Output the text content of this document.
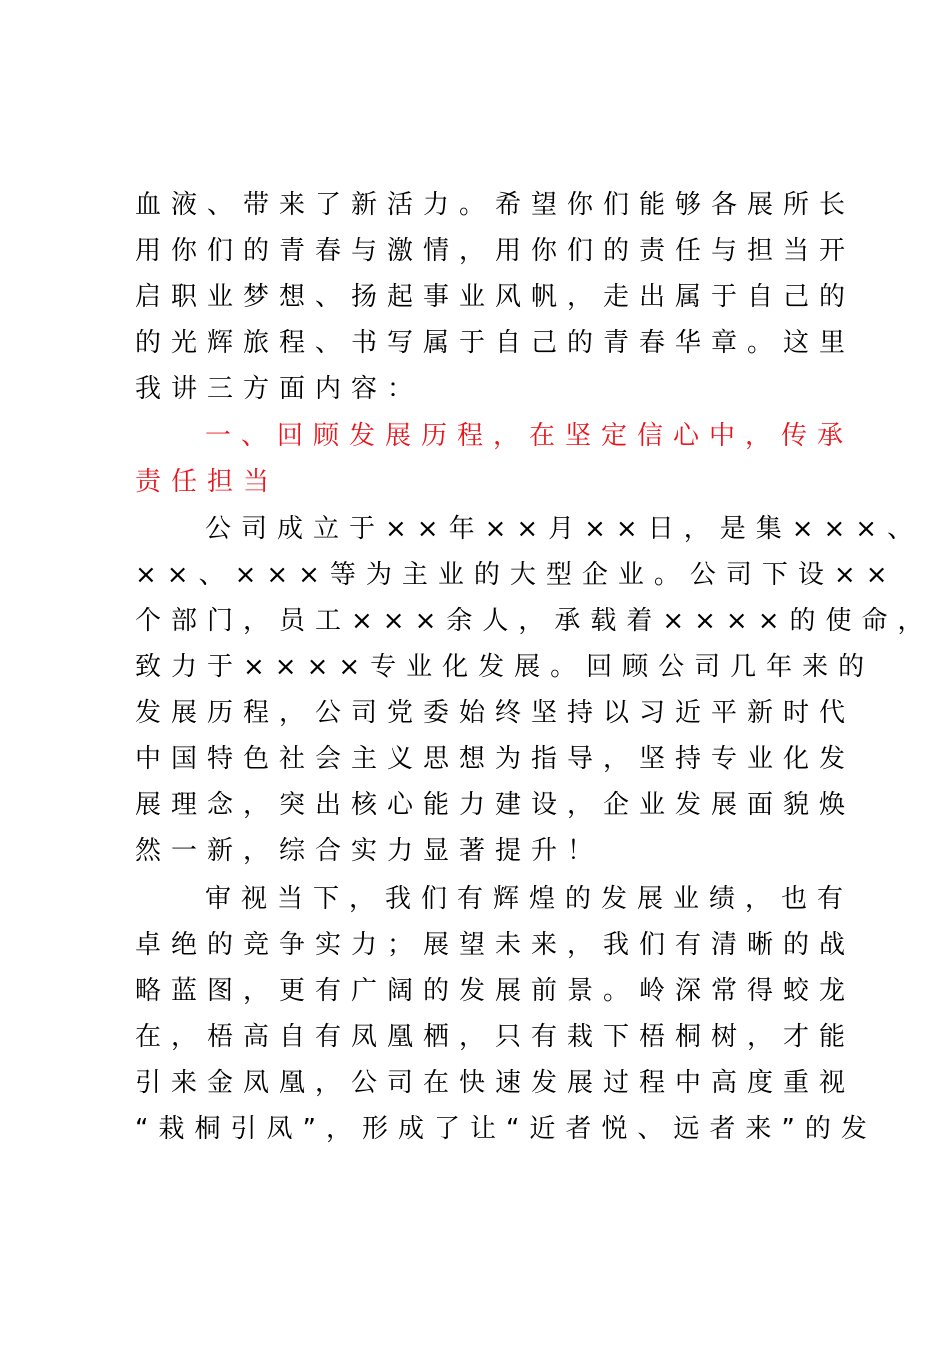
血液、带来了新活力。希望你们能够各展所长
用你们的青春与激情，用你们的责任与担当开
启职业梦想、扬起事业风帆，走出属于自己的
的光辉旅程、书写属于自己的青春华章。这里
我讲三方面内容：
一、回顾发展历程，在坚定信心中，传承
责任担当
公司成立于××年××月××日，是集×××、
××、×××等为主业的大型企业。公司下设××
个部门，员工×××余人，承载着××××的使命，
致力于××××专业化发展。回顾公司几年来的
发展历程，公司党委始终坚持以习近平新时代
中国特色社会主义思想为指导，坚持专业化发
展理念，突出核心能力建设，企业发展面貌焕
然一新，综合实力显著提升！
审视当下，我们有辉煌的发展业绩，也有
卓绝的竞争实力；展望未来，我们有清晰的战
略蓝图，更有广阔的发展前景。岭深常得蛟龙
在，梧高自有凤凰栖，只有栽下梧桐树，才能
引来金凤凰，公司在快速发展过程中高度重视
“栽桐引凤”，形成了让“近者悦、远者来”的发
